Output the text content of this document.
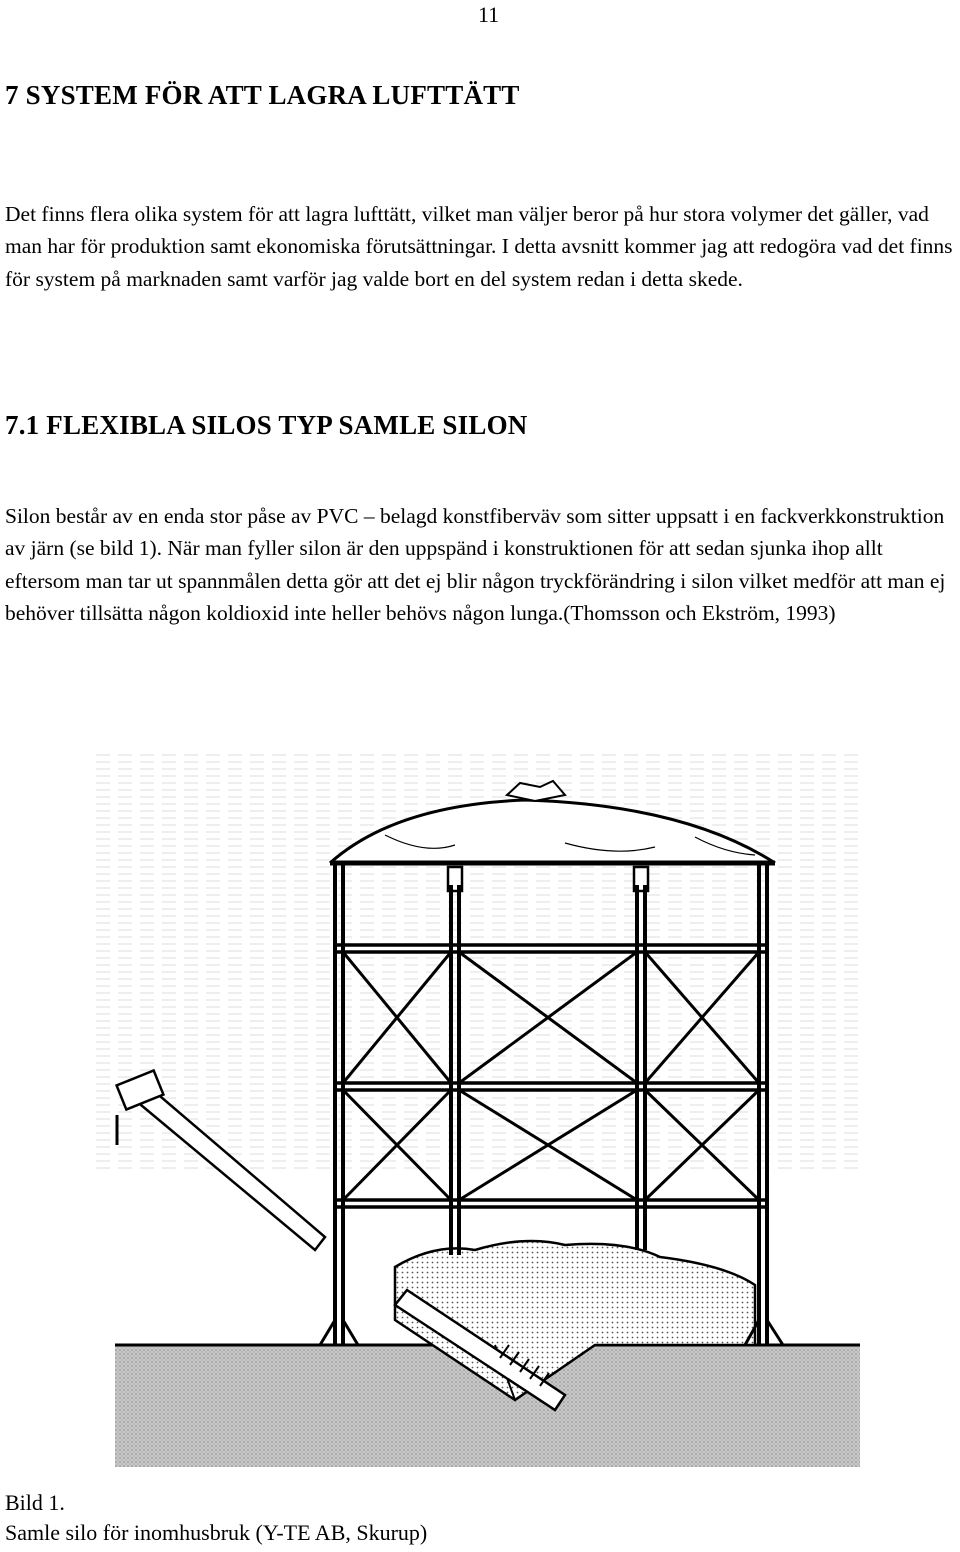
11
7 SYSTEM FÖR ATT LAGRA LUFTTÄTT

Det finns flera olika system för att lagra lufttätt, vilket man väljer beror på hur stora volymer det gäller, vad man har för produktion samt ekonomiska förutsättningar. I detta avsnitt kommer jag att redogöra vad det finns för system på marknaden samt varför jag valde bort en del system redan i detta skede.

7.1 FLEXIBLA SILOS TYP SAMLE SILON

Silon består av en enda stor påse av PVC – belagd konstfiberväv som sitter uppsatt i en fackverkkonstruktion av järn (se bild 1). När man fyller silon är den uppspänd i konstruktionen för att sedan sjunka ihop allt eftersom man tar ut spannmålen detta gör att det ej blir någon tryckförändring i silon vilket medför att man ej behöver tillsätta någon koldioxid inte heller behövs någon lunga.(Thomsson och Ekström, 1993)

Bild 1.

Samle silo för inomhusbruk (Y-TE AB, Skurup)
